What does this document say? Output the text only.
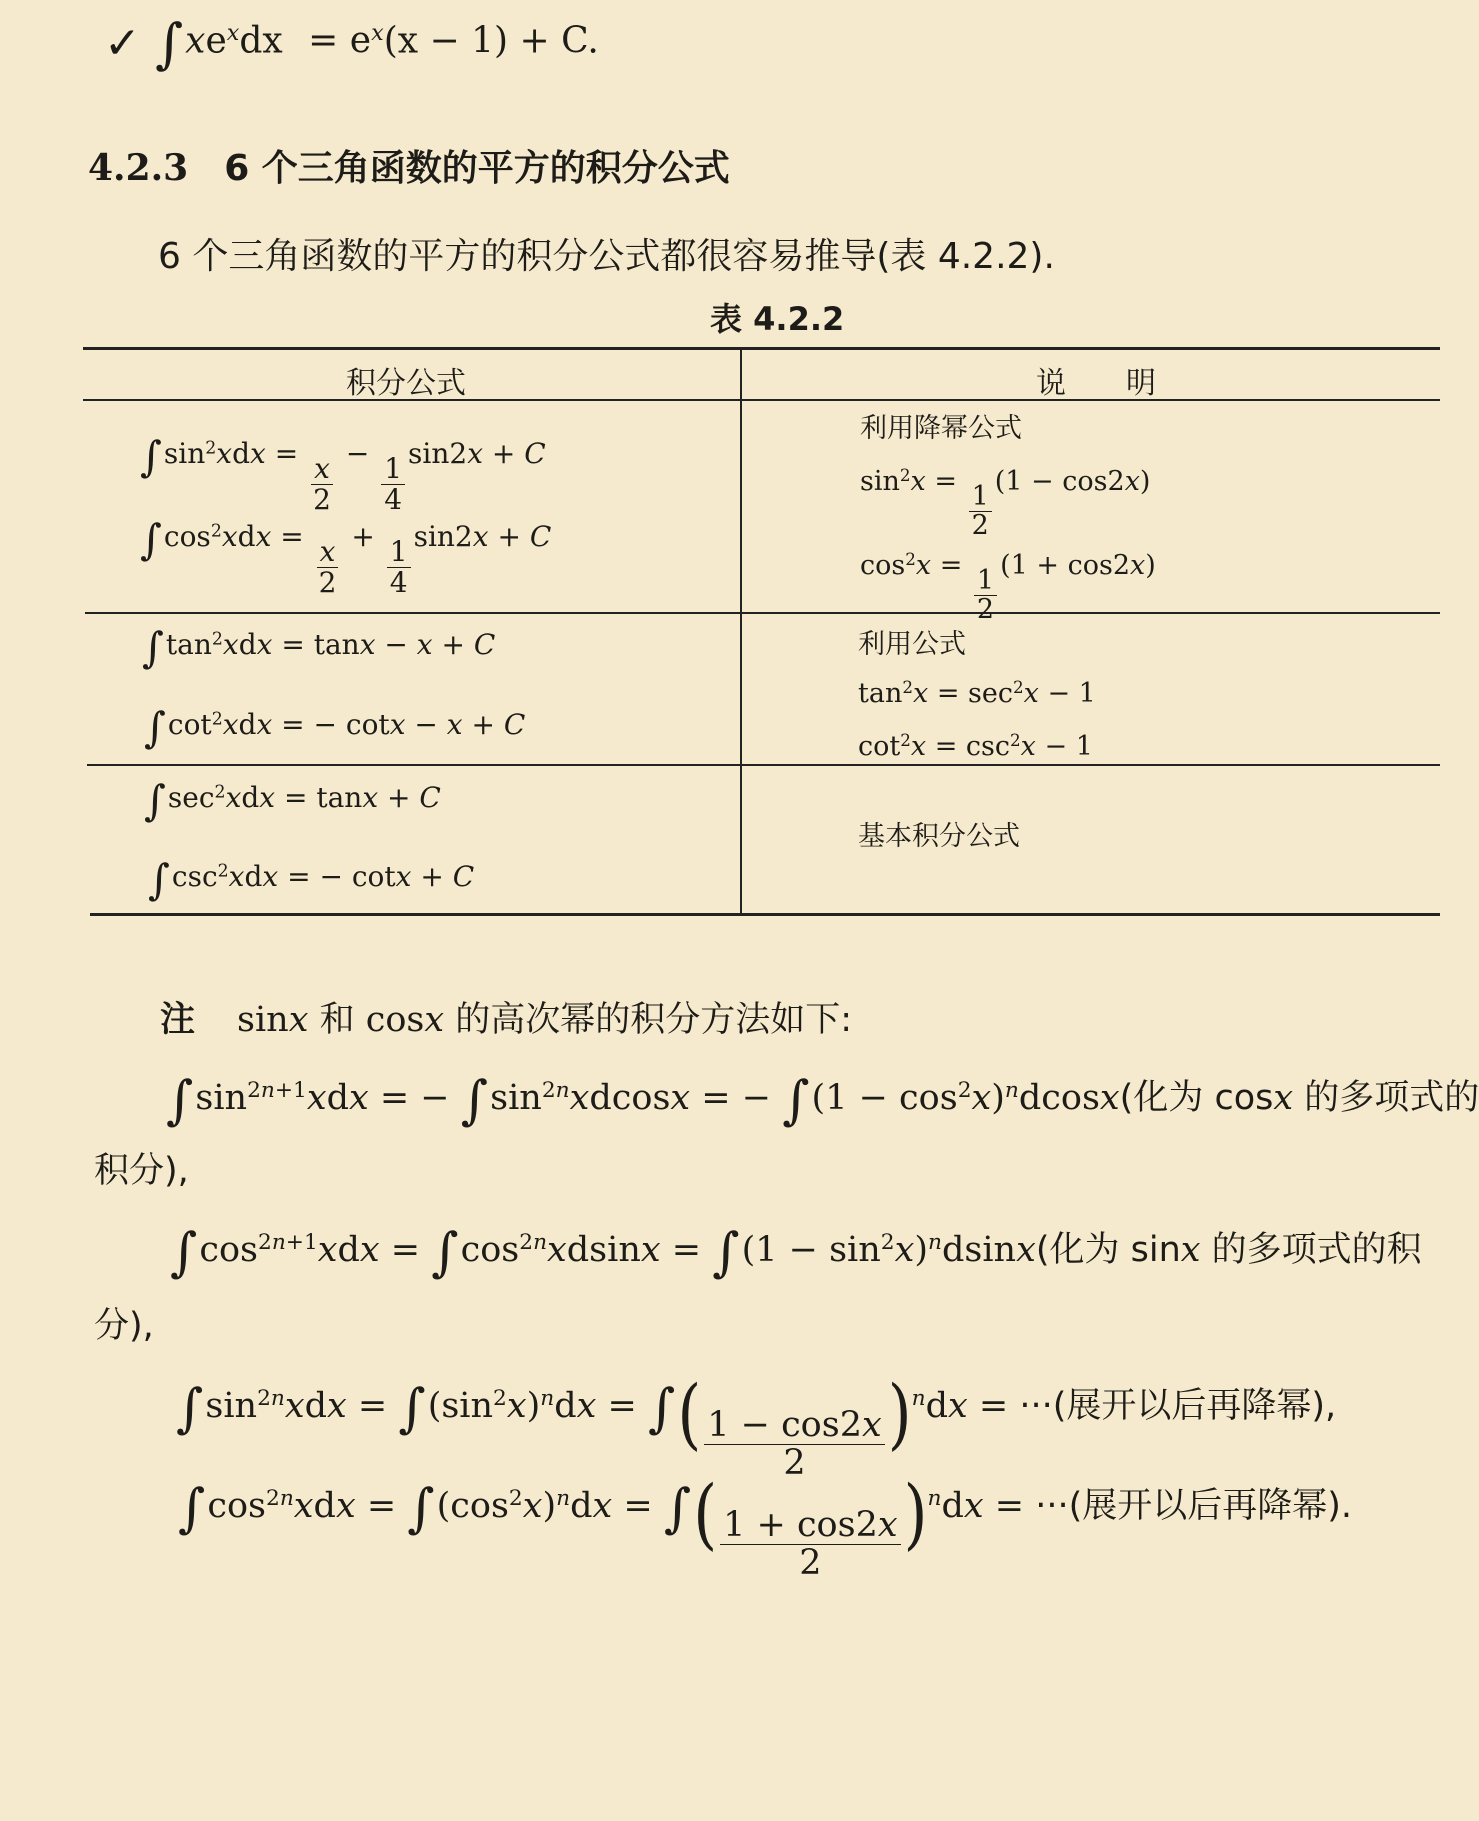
✓ $\int xe^xdx = e^x(x - 1) + C$.
4.2.3 6 个三角函数的平方的积分公式
6 个三角函数的平方的积分公式都很容易推导(表 4.2.2).
表 4.2.2
积分公式	说　　明
$\int\sin^2xdx$ =
$\frac{x}{2}$
−
$\frac{1}{4}$
sin2x + C
$\int\cos^2xdx$ =
$\frac{x}{2}$
+
$\frac{1}{4}$
sin2x + C
利用降幂公式
$\sin^2x$ =
$\frac{1}{2}$
(1 − cos2x)
$\cos^2x$ =
$\frac{1}{2}$
(1 + cos2x)
$\int\tan^2xdx = \tan x - x + C$
$\int\cot^2xdx$ = − cotx − x + C
利用公式
$\tan^2x = \sec^2x - 1$
$\cot^2x = \csc^2x - 1$
$\int\sec^2xdx = \tan x + C$
$\int\csc^2xdx$ = − cotx + C
基本积分公式
注 sinx 和 cosx 的高次幂的积分方法如下:
$\int\sin^{2n+1}xdx$ = − $\int\sin^{2n}xdcosx$ = − $\int(1 - \cos^2x)^ndcosx$(化为 cosx 的多项式的
积分),
$\int\cos^{2n+1}xdx = \int\cos^{2n}xdsinx = \int(1 - \sin^2x)^ndsinx$(化为 sinx 的多项式的积
分),
$\int\sin^{2n}xdx = \int(\sin^2x)^ndx$ = ∫( $\frac{1 - \cos 2x}{2} )^ndx$ = ···(展开以后再降幂),
$\int\cos^{2n}xdx = \int(\cos^2x)^ndx$ = ∫( $\frac{1 + \cos 2x}{2} )^ndx$ = ···(展开以后再降幂).
